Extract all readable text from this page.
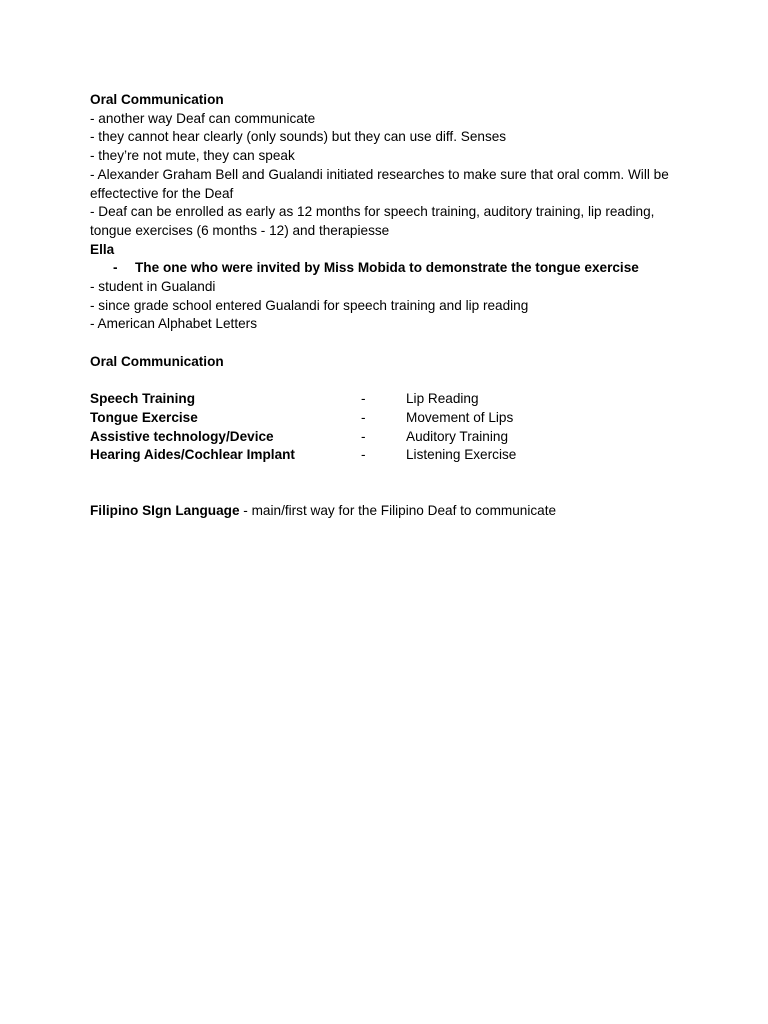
Oral Communication
- another way Deaf can communicate
- they cannot hear clearly (only sounds) but they can use diff. Senses
- they’re not mute, they can speak
- Alexander Graham Bell and Gualandi initiated researches to make sure that oral comm. Will be effectective for the Deaf
- Deaf can be enrolled as early as 12 months for speech training, auditory training, lip reading, tongue exercises (6 months - 12) and therapiesse
Ella
- The one who were invited by Miss Mobida to demonstrate the tongue exercise
- student in Gualandi
- since grade school entered Gualandi for speech training and lip reading
- American Alphabet Letters
Oral Communication
Speech Training	-	Lip Reading
Tongue Exercise	-	Movement of Lips
Assistive technology/Device	-	Auditory Training
Hearing Aides/Cochlear Implant	-	Listening Exercise
Filipino SIgn Language - main/first way for the Filipino Deaf to communicate
